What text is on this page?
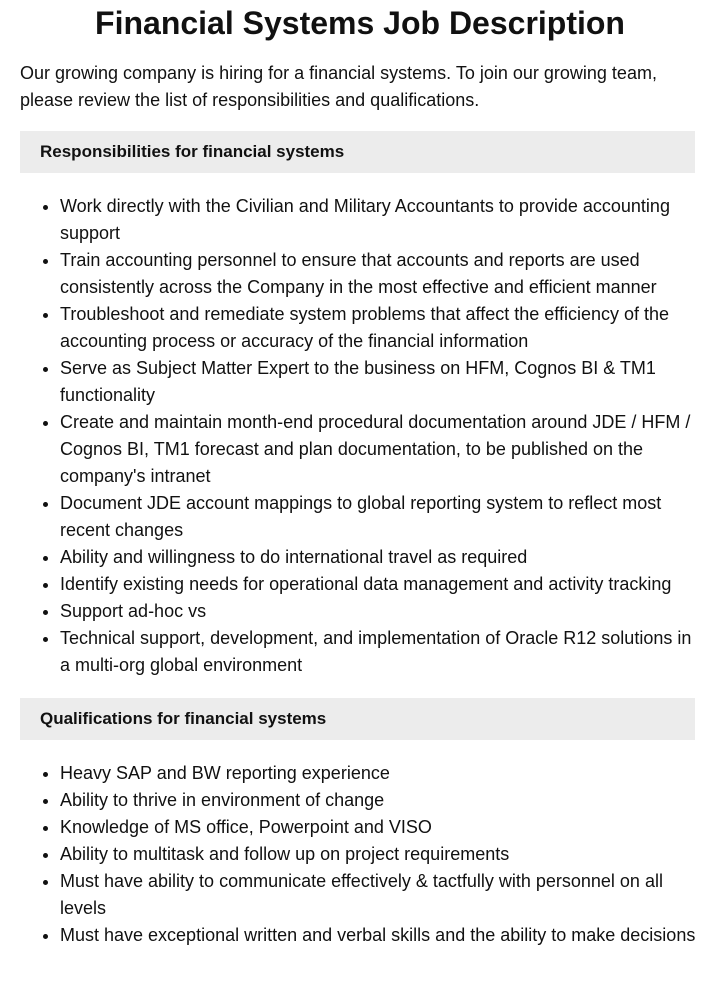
Financial Systems Job Description

Our growing company is hiring for a financial systems. To join our growing team, please review the list of responsibilities and qualifications.

Responsibilities for financial systems
• Work directly with the Civilian and Military Accountants to provide accounting support
• Train accounting personnel to ensure that accounts and reports are used consistently across the Company in the most effective and efficient manner
• Troubleshoot and remediate system problems that affect the efficiency of the accounting process or accuracy of the financial information
• Serve as Subject Matter Expert to the business on HFM, Cognos BI & TM1 functionality
• Create and maintain month-end procedural documentation around JDE / HFM / Cognos BI, TM1 forecast and plan documentation, to be published on the company's intranet
• Document JDE account mappings to global reporting system to reflect most recent changes
• Ability and willingness to do international travel as required
• Identify existing needs for operational data management and activity tracking
• Support ad-hoc vs
• Technical support, development, and implementation of Oracle R12 solutions in a multi-org global environment
Qualifications for financial systems
• Heavy SAP and BW reporting experience
• Ability to thrive in environment of change
• Knowledge of MS office, Powerpoint and VISO
• Ability to multitask and follow up on project requirements
• Must have ability to communicate effectively & tactfully with personnel on all levels
• Must have exceptional written and verbal skills and the ability to make decisions
